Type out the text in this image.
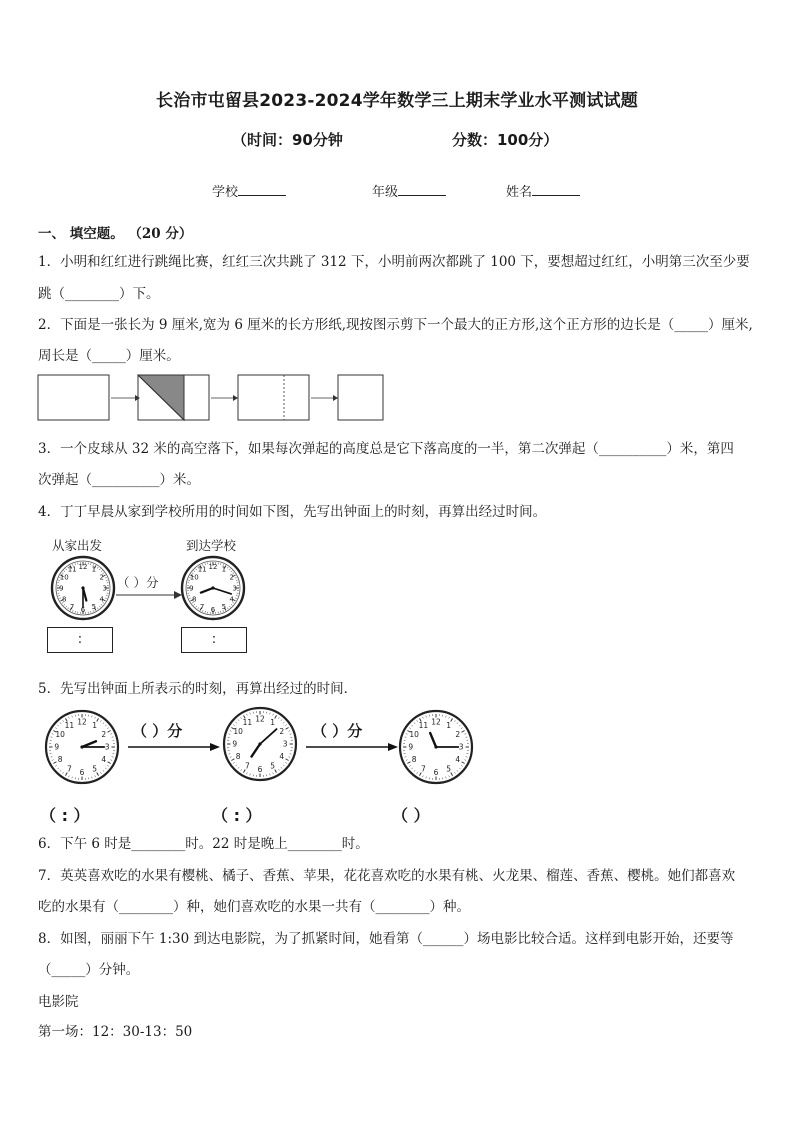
长治市屯留县2023-2024学年数学三上期末学业水平测试试题
（时间：90分钟	分数：100分）
学校	年级	姓名
一、 填空题。 （20 分）
1．小明和红红进行跳绳比赛，红红三次共跳了 312 下，小明前两次都跳了 100 下，要想超过红红，小明第三次至少要
跳（________）下。
2．下面是一张长为 9 厘米,宽为 6 厘米的长方形纸,现按图示剪下一个最大的正方形,这个正方形的边长是（_____）厘米,
周长是（_____）厘米。
3．一个皮球从 32 米的高空落下，如果每次弹起的高度总是它下落高度的一半，第二次弹起（__________）米，第四
次弹起（__________）米。
4．丁丁早晨从家到学校所用的时间如下图，先写出钟面上的时刻，再算出经过时间。
从家出发	到达学校
1
2
3
4
5
6
7
8
9
10
11 12	1
2
3
4
5
6
7
8
9
10
11 12
（ ）分
:	:
5．先写出钟面上所表示的时刻，再算出经过的时间．
1
2
3
4
5
6
7
8
9
10
11 12	1
2
3
4
5
6
7
8
9
10
11 12
1
2
3
4
5
6
7
8
9
10
11 12
（ ）分	（ ）分
（ : ）	（ : ）	（ ）
6．下午 6 时是________时。22 时是晚上________时。
7．英英喜欢吃的水果有樱桃、橘子、香蕉、苹果，花花喜欢吃的水果有桃、火龙果、榴莲、香蕉、樱桃。她们都喜欢
吃的水果有（________）种，她们喜欢吃的水果一共有（________）种。
8．如图，丽丽下午 1:30 到达电影院，为了抓紧时间，她看第（______）场电影比较合适。这样到电影开始，还要等
（_____）分钟。
电影院
第一场：12：30-13：50
